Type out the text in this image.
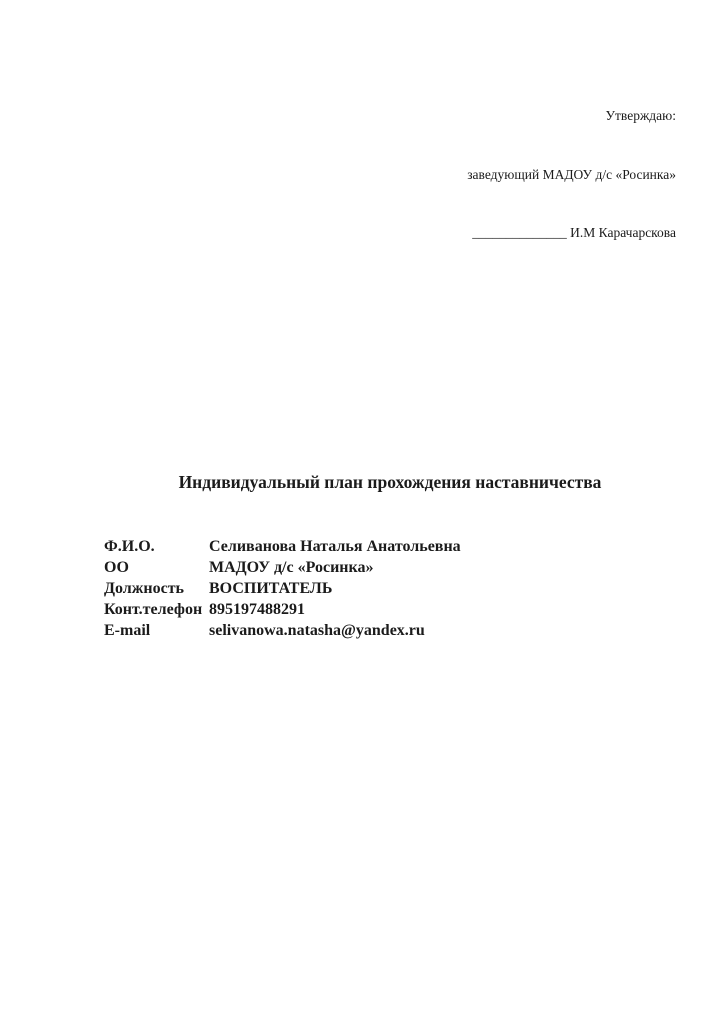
Утверждаю:

заведующий МАДОУ д/с «Росинка»

______________ И.М Карачарскова

Индивидуальный план прохождения наставничества
Ф.И.О.	Селиванова Наталья Анатольевна
ОО	МАДОУ д/с «Росинка»
Должность	ВОСПИТАТЕЛЬ
Конт.телефон 895197488291
E-mail	selivanowa.natasha@yandex.ru
